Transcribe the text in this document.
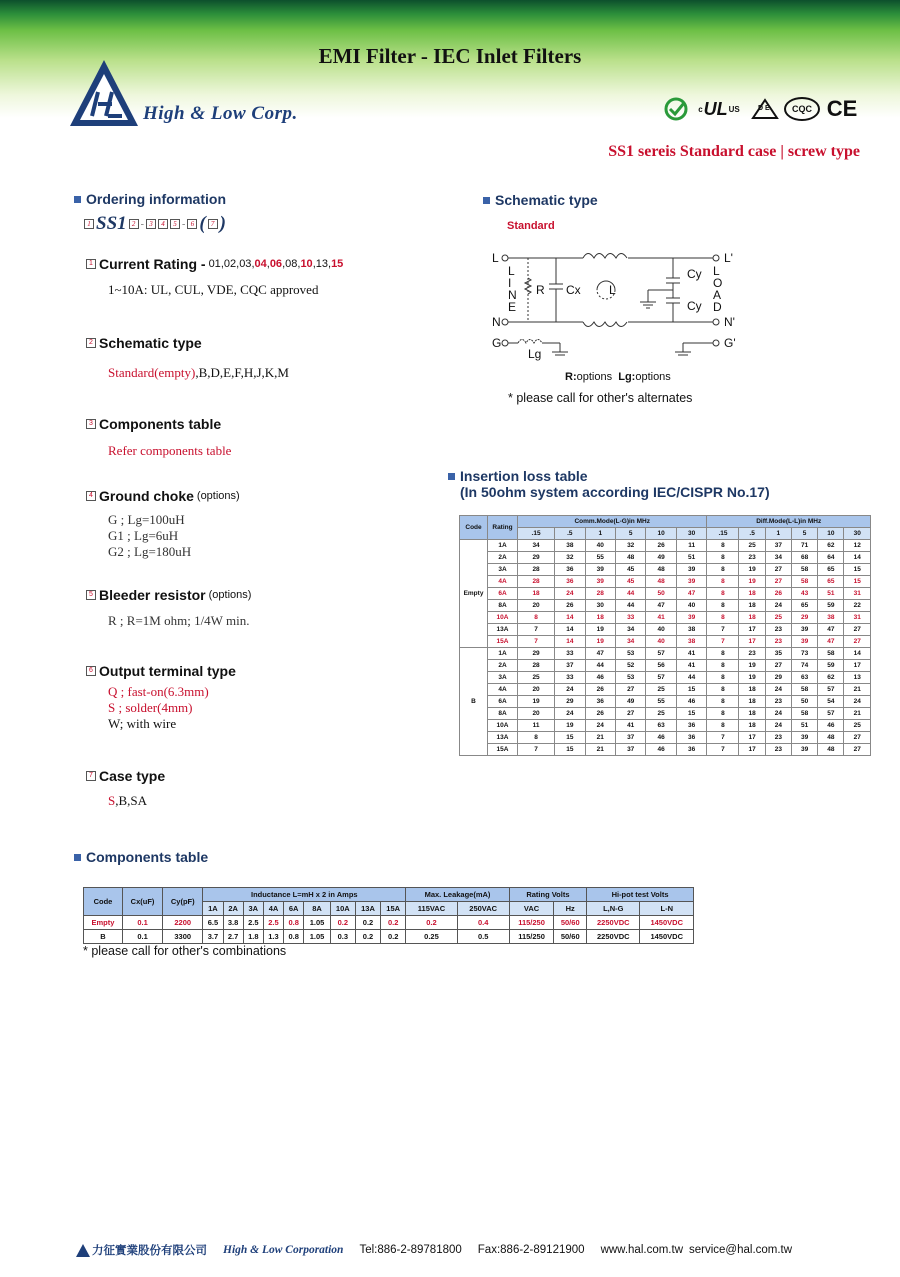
EMI Filter - IEC Inlet Filters
High & Low Corp.	c UL US	D E	CQC CE
SS1 sereis Standard case | screw type
Ordering information
1 SS1 2 - 3	4	5 - 6 ( 7 )
1 Current Rating - 01,02,03,04,06,08,10,13,15
1~10A: UL, CUL, VDE, CQC approved
2 Schematic type
Standard(empty),B,D,E,F,H,J,K,M
3 Components table
Refer components table
4 Ground choke (options)
G ; Lg=100uH
G1 ; Lg=6uH
G2 ; Lg=180uH
5 Bleeder resistor (options)
R ; R=1M ohm; 1/4W min.
6 Output terminal type
Q ; fast-on(6.3mm)
S ; solder(4mm)
W; with wire
7 Case type
S,B,SA
Schematic type
Standard
L
N
G
L'
N'
G'
L
I
N
E
L
O
A
D
R Cx L
Cy
Cy
Lg
R:options Lg:options
* please call for other's alternates
Insertion loss table
(In 50ohm system according IEC/CISPR No.17)
Code	Rating	Comm.Mode(L-G)in MHz						Diff.Mode(L-L)in MHz					
		.15	.5	1	5	10	30	.15	.5	1	5	10	30
Empty	1A	34	38	40	32	26	11	8	25	37	71	62	12
	2A	29	32	55	48	49	51	8	23	34	68	64	14
	3A	28	36	39	45	48	39	8	19	27	58	65	15
	4A	28	36	39	45	48	39	8	19	27	58	65	15
	6A	18	24	28	44	50	47	8	18	26	43	51	31
	8A	20	26	30	44	47	40	8	18	24	65	59	22
	10A	8	14	18	33	41	39	8	18	25	29	38	31
	13A	7	14	19	34	40	38	7	17	23	39	47	27
	15A	7	14	19	34	40	38	7	17	23	39	47	27
B	1A	29	33	47	53	57	41	8	23	35	73	58	14
	2A	28	37	44	52	56	41	8	19	27	74	59	17
	3A	25	33	46	53	57	44	8	19	29	63	62	13
	4A	20	24	26	27	25	15	8	18	24	58	57	21
	6A	19	29	36	49	55	46	8	18	23	50	54	24
	8A	20	24	26	27	25	15	8	18	24	58	57	21
	10A	11	19	24	41	63	36	8	18	24	51	46	25
	13A	8	15	21	37	46	36	7	17	23	39	48	27
	15A	7	15	21	37	46	36	7	17	23	39	48	27
Components table
Code	Cx(uF)	Cy(pF)	Inductance L=mH x 2 in Amps									Max. Leakage(mA)		Rating Volts		Hi-pot test Volts	
			1A	2A	3A	4A	6A	8A	10A	13A	15A	115VAC	250VAC	VAC	Hz	L,N-G	L-N
Empty	0.1	2200	6.5	3.8	2.5	2.5	0.8	1.05	0.2	0.2	0.2	0.2	0.4	115/250	50/60	2250VDC	1450VDC
B	0.1	3300	3.7	2.7	1.8	1.3	0.8	1.05	0.3	0.2	0.2	0.25	0.5	115/250	50/60	2250VDC	1450VDC
* please call for other's combinations
力征實業股份有限公司 High & Low Corporation Tel:886-2-89781800 Fax:886-2-89121900 www.hal.com.tw service@hal.com.tw
